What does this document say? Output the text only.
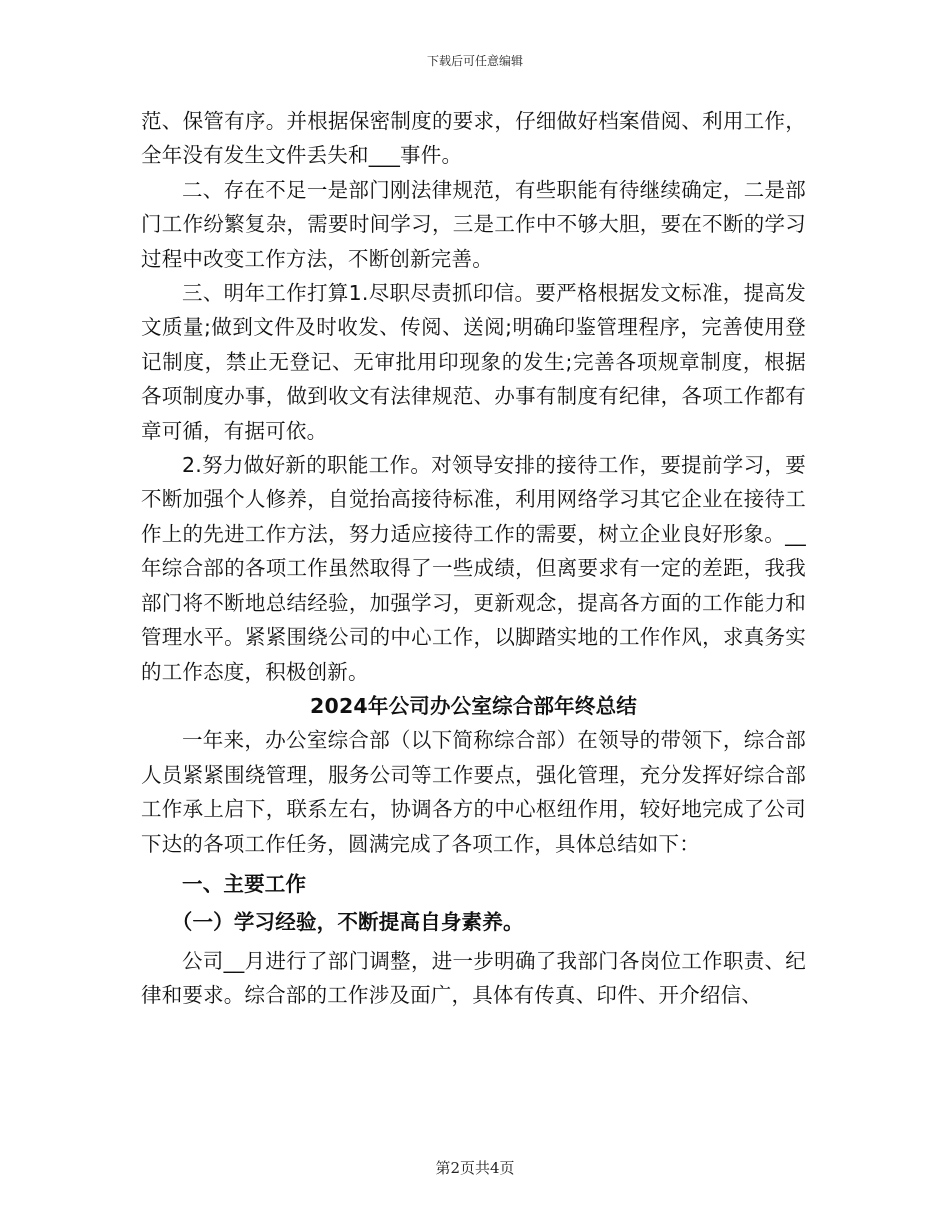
下载后可任意编辑

范、保管有序。并根据保密制度的要求，仔细做好档案借阅、利用工作，全年没有发生文件丢失和___事件。

二、存在不足一是部门刚法律规范，有些职能有待继续确定，二是部门工作纷繁复杂，需要时间学习，三是工作中不够大胆，要在不断的学习过程中改变工作方法，不断创新完善。

三、明年工作打算1.尽职尽责抓印信。要严格根据发文标准，提高发文质量;做到文件及时收发、传阅、送阅;明确印鉴管理程序，完善使用登记制度，禁止无登记、无审批用印现象的发生;完善各项规章制度，根据各项制度办事，做到收文有法律规范、办事有制度有纪律，各项工作都有章可循，有据可依。

2.努力做好新的职能工作。对领导安排的接待工作，要提前学习，要不断加强个人修养，自觉抬高接待标准，利用网络学习其它企业在接待工作上的先进工作方法，努力适应接待工作的需要，树立企业良好形象。__年综合部的各项工作虽然取得了一些成绩，但离要求有一定的差距，我我部门将不断地总结经验，加强学习，更新观念，提高各方面的工作能力和管理水平。紧紧围绕公司的中心工作，以脚踏实地的工作作风，求真务实的工作态度，积极创新。

2024年公司办公室综合部年终总结

一年来，办公室综合部（以下简称综合部）在领导的带领下，综合部人员紧紧围绕管理，服务公司等工作要点，强化管理，充分发挥好综合部工作承上启下，联系左右，协调各方的中心枢纽作用，较好地完成了公司下达的各项工作任务，圆满完成了各项工作，具体总结如下：

一、主要工作

（一）学习经验，不断提高自身素养。

公司__月进行了部门调整，进一步明确了我部门各岗位工作职责、纪律和要求。综合部的工作涉及面广，具体有传真、印件、开介绍信、

第2页共4页
